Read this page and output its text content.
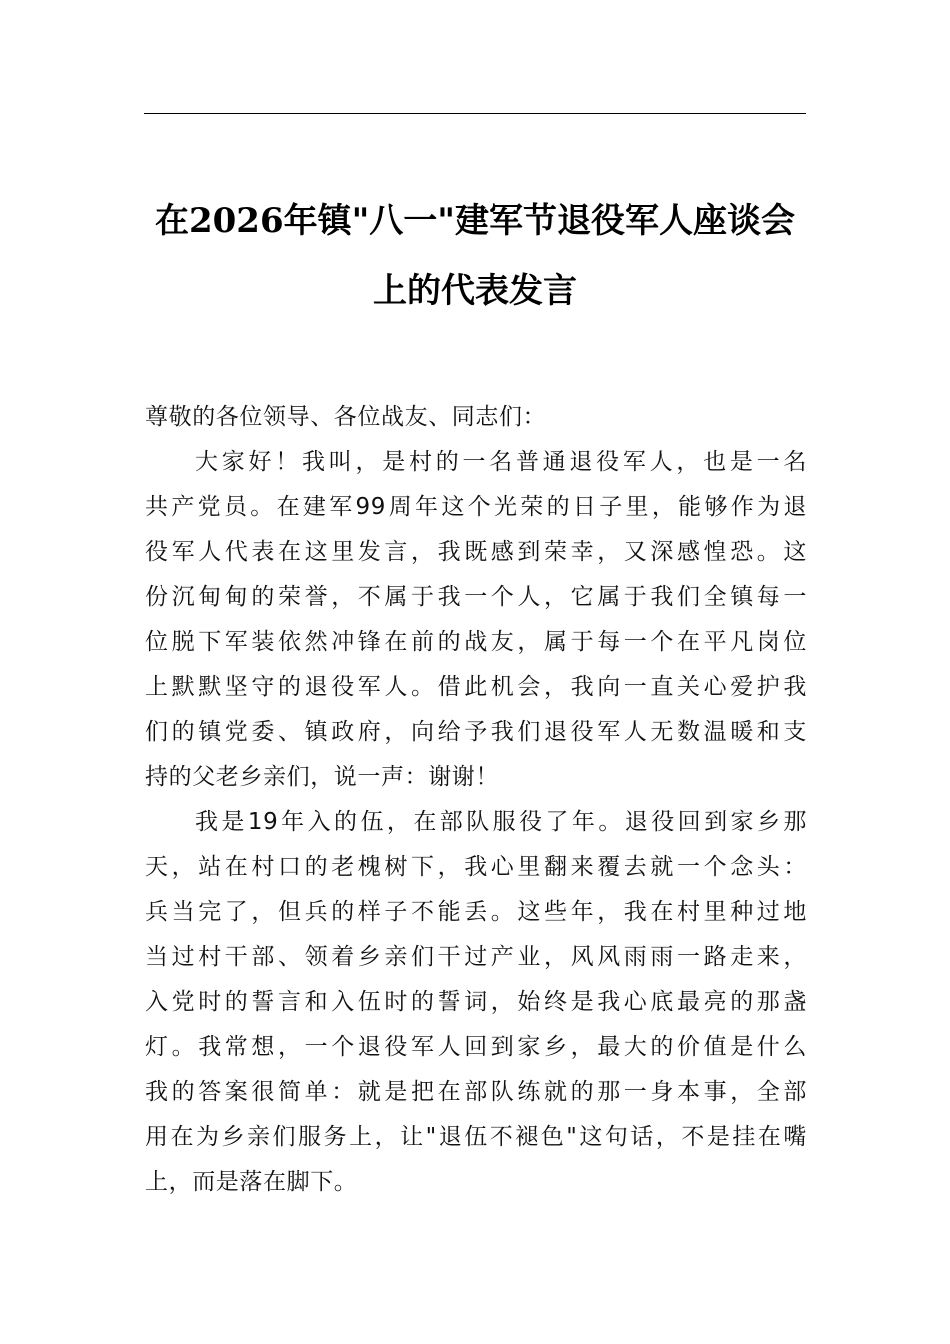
在2026年镇"八一"建军节退役军人座谈会
上的代表发言
尊敬的各位领导、各位战友、同志们：
大家好！我叫，是村的一名普通退役军人，也是一名
共产党员。在建军99周年这个光荣的日子里，能够作为退
役军人代表在这里发言，我既感到荣幸，又深感惶恐。这
份沉甸甸的荣誉，不属于我一个人，它属于我们全镇每一
位脱下军装依然冲锋在前的战友，属于每一个在平凡岗位
上默默坚守的退役军人。借此机会，我向一直关心爱护我
们的镇党委、镇政府，向给予我们退役军人无数温暖和支
持的父老乡亲们，说一声：谢谢！
我是19年入的伍，在部队服役了年。退役回到家乡那
天，站在村口的老槐树下，我心里翻来覆去就一个念头：
兵当完了，但兵的样子不能丢。这些年，我在村里种过地
当过村干部、领着乡亲们干过产业，风风雨雨一路走来，
入党时的誓言和入伍时的誓词，始终是我心底最亮的那盏
灯。我常想，一个退役军人回到家乡，最大的价值是什么
我的答案很简单：就是把在部队练就的那一身本事，全部
用在为乡亲们服务上，让"退伍不褪色"这句话，不是挂在嘴
上，而是落在脚下。
